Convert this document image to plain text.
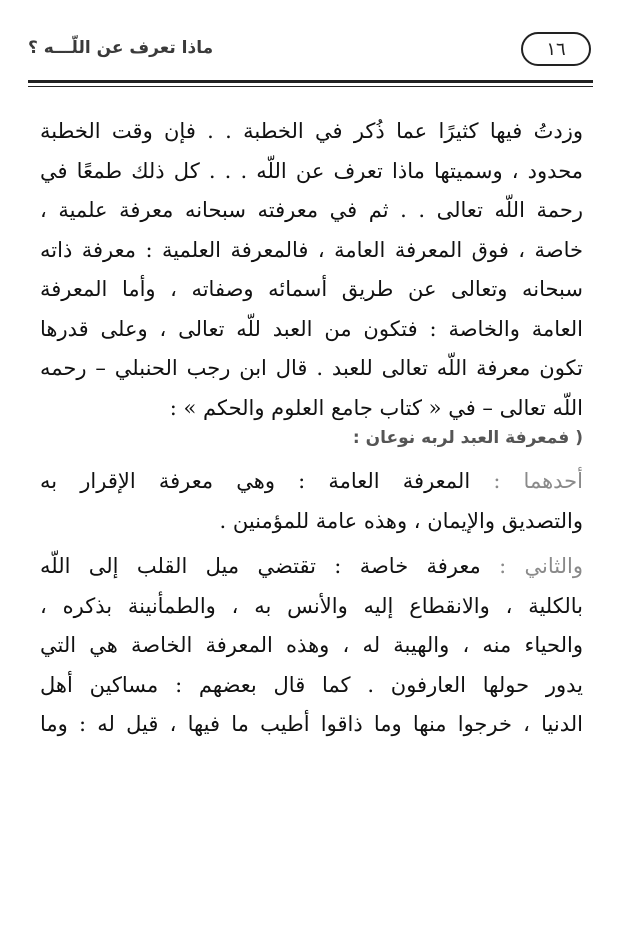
ماذا تعرف عن اللّـــه ؟	١٦
وزدتُ فيها كثيرًا عما ذُكر في الخطبة . . فإن وقت الخطبة
محدود ، وسميتها ماذا تعرف عن اللّه . . . كل ذلك طمعًا في
رحمة اللّه تعالى . . ثم في معرفته سبحانه معرفة علمية ،
خاصة ، فوق المعرفة العامة ، فالمعرفة العلمية : معرفة ذاته
سبحانه وتعالى عن طريق أسمائه وصفاته ، وأما المعرفة
العامة والخاصة : فتكون من العبد للّه تعالى ، وعلى قدرها
تكون معرفة اللّه تعالى للعبد . قال ابن رجب الحنبلي – رحمه
اللّه تعالى – في « كتاب جامع العلوم والحكم » :
( فمعرفة العبد لربه نوعان :
أحدهما : المعرفة العامة : وهي معرفة الإقرار به
والتصديق والإيمان ، وهذه عامة للمؤمنين .
والثاني : معرفة خاصة : تقتضي ميل القلب إلى اللّه
بالكلية ، والانقطاع إليه والأنس به ، والطمأنينة بذكره ،
والحياء منه ، والهيبة له ، وهذه المعرفة الخاصة هي التي
يدور حولها العارفون . كما قال بعضهم : مساكين أهل
الدنيا ، خرجوا منها وما ذاقوا أطيب ما فيها ، قيل له : وما
